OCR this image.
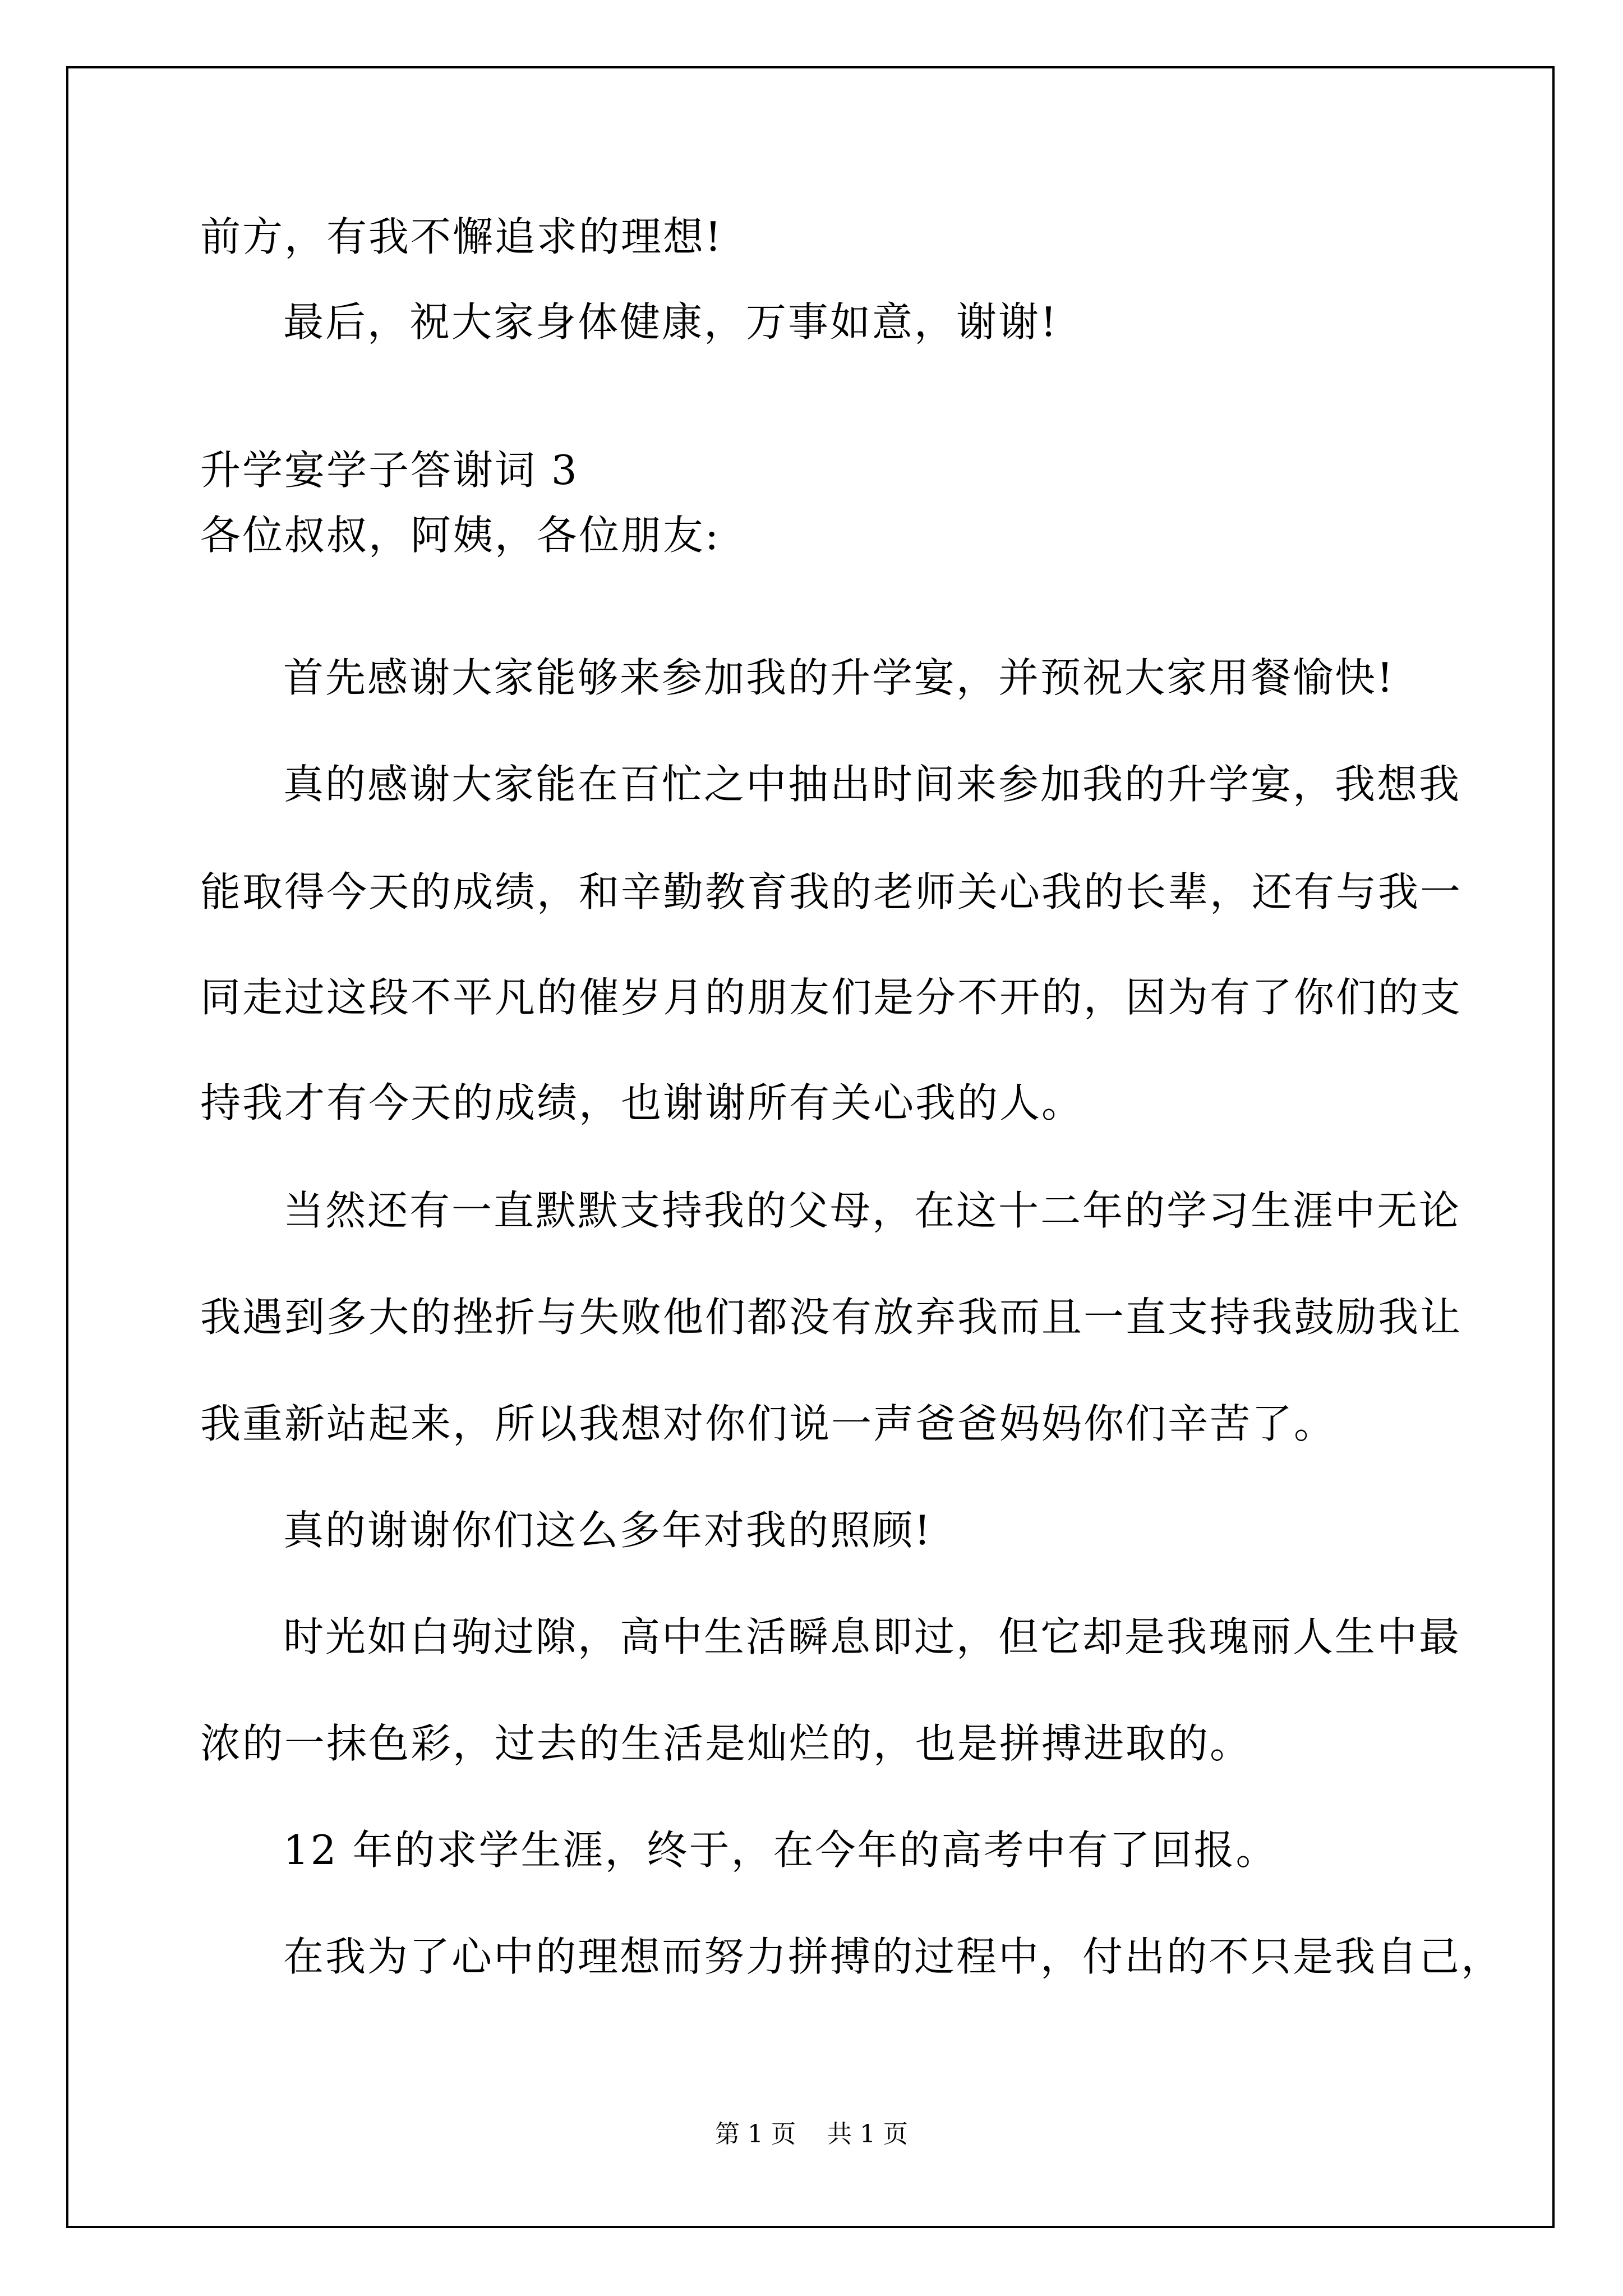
前方，有我不懈追求的理想!
最后，祝大家身体健康，万事如意，谢谢!
升学宴学子答谢词 3
各位叔叔，阿姨，各位朋友:
首先感谢大家能够来参加我的升学宴，并预祝大家用餐愉快!
真的感谢大家能在百忙之中抽出时间来参加我的升学宴，我想我
能取得今天的成绩，和辛勤教育我的老师关心我的长辈，还有与我一
同走过这段不平凡的催岁月的朋友们是分不开的，因为有了你们的支
持我才有今天的成绩，也谢谢所有关心我的人。
当然还有一直默默支持我的父母，在这十二年的学习生涯中无论
我遇到多大的挫折与失败他们都没有放弃我而且一直支持我鼓励我让
我重新站起来，所以我想对你们说一声爸爸妈妈你们辛苦了。
真的谢谢你们这么多年对我的照顾!
时光如白驹过隙，高中生活瞬息即过，但它却是我瑰丽人生中最
浓的一抹色彩，过去的生活是灿烂的，也是拼搏进取的。
12 年的求学生涯，终于，在今年的高考中有了回报。
在我为了心中的理想而努力拼搏的过程中，付出的不只是我自己，
第 1 页    共 1 页
